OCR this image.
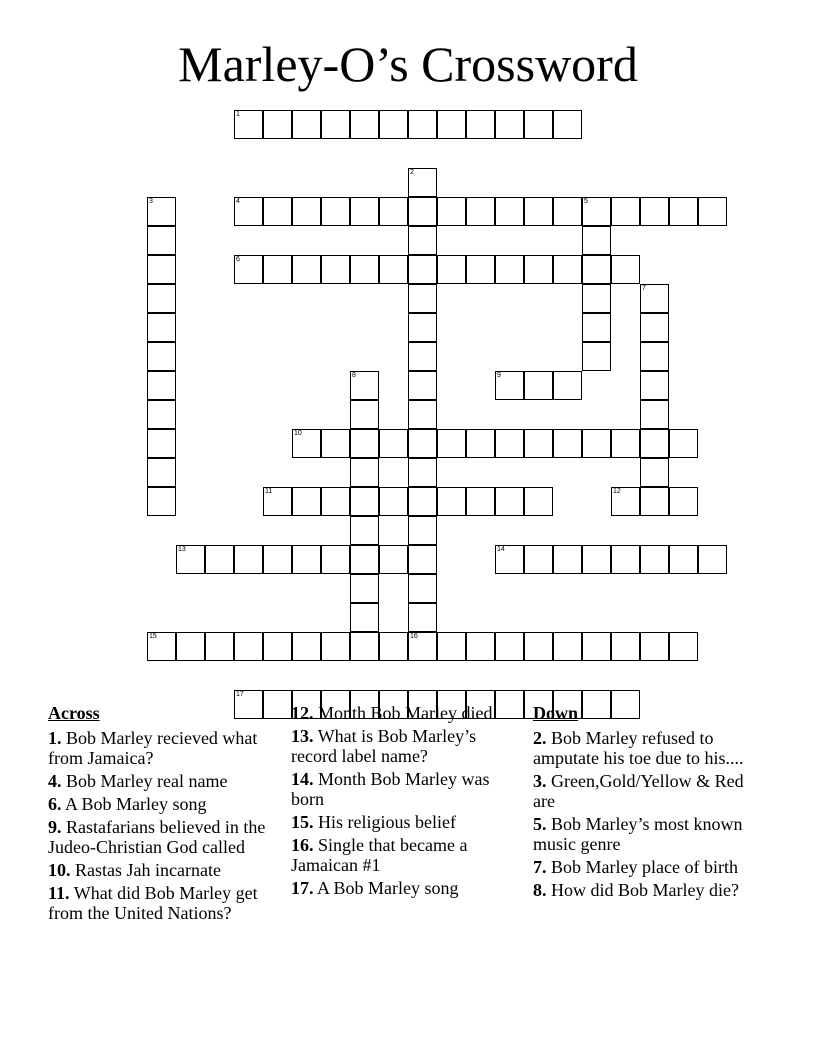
Marley-O’s Crossword
1
2
3	4	5
6
7
8	9
10
11	12
13	14
15	16
17
Across
1. Bob Marley recieved what from Jamaica?
4. Bob Marley real name
6. A Bob Marley song
9. Rastafarians believed in the Judeo-Christian God called
10. Rastas Jah incarnate
11. What did Bob Marley get from the United Nations?
12. Month Bob Marley died
13. What is Bob Marley’s record label name?
14. Month Bob Marley was born
15. His religious belief
16. Single that became a Jamaican #1
17. A Bob Marley song
Down
2. Bob Marley refused to amputate his toe due to his....
3. Green,Gold/Yellow & Red are
5. Bob Marley’s most known music genre
7. Bob Marley place of birth
8. How did Bob Marley die?
